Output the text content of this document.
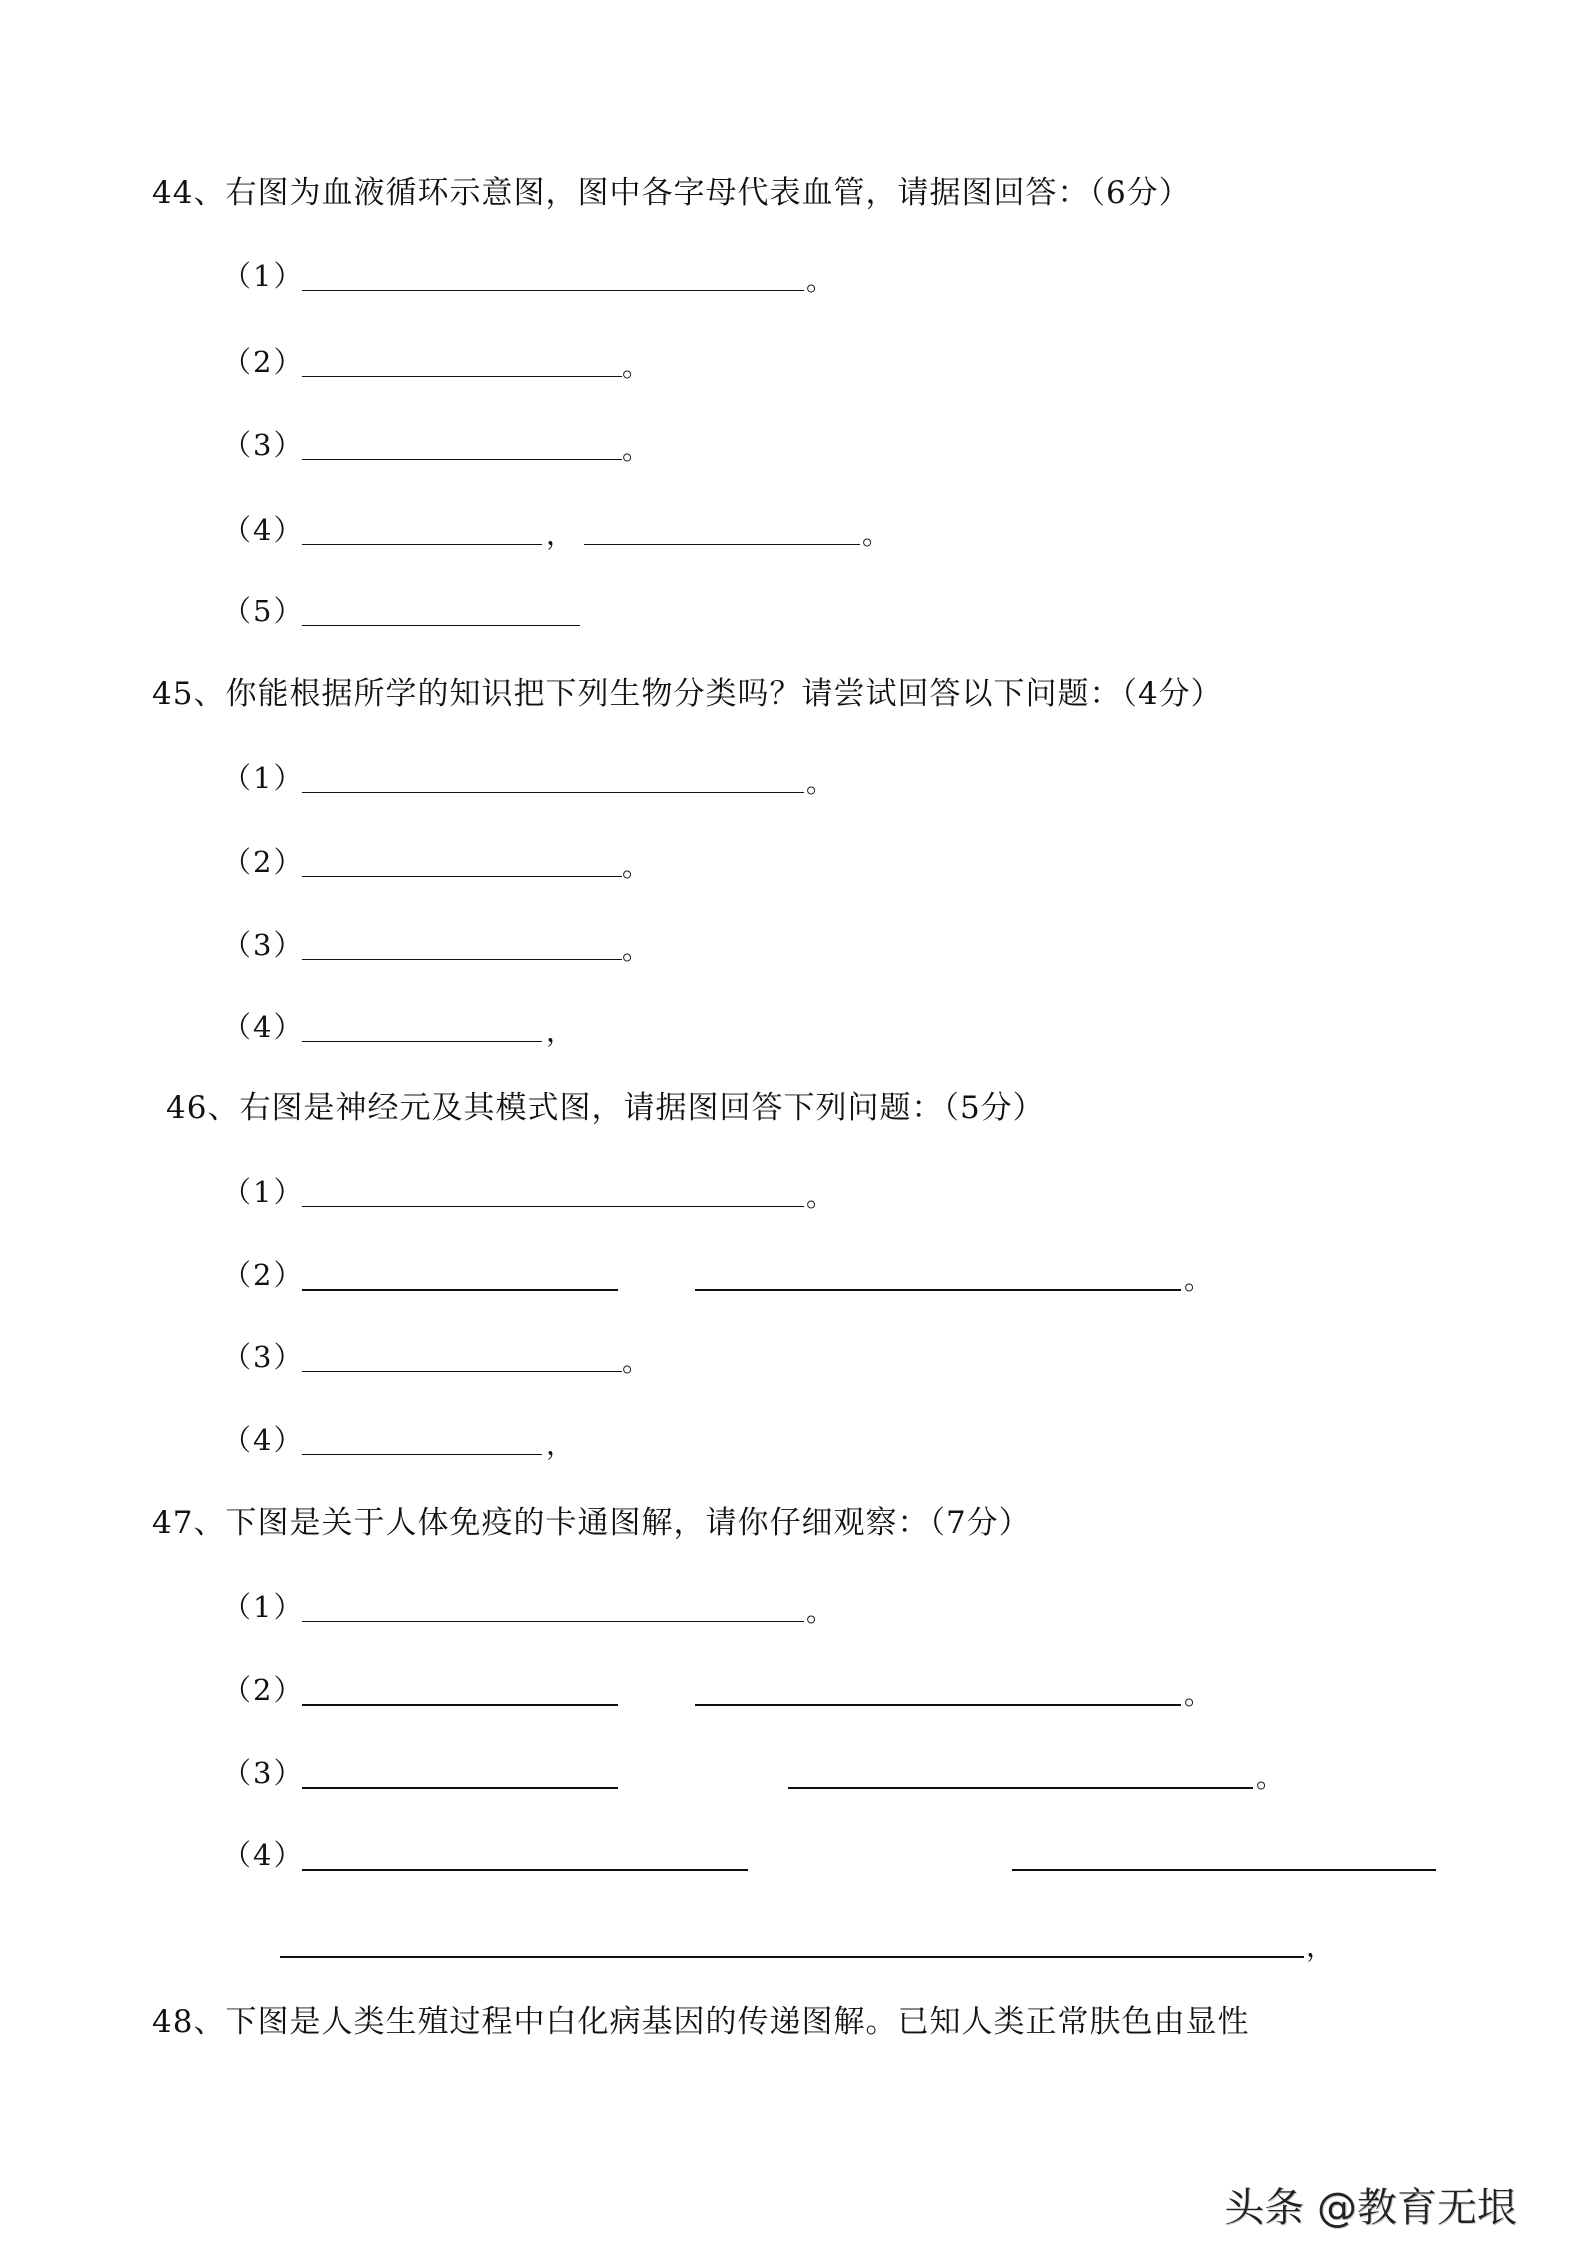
44、右图为血液循环示意图，图中各字母代表血管，请据图回答：（6分）
（1）	。
（2）	。
（3）	。
（4）	，	。
（5）
45、你能根据所学的知识把下列生物分类吗？请尝试回答以下问题：（4分）
（1）	。
（2）	。
（3）	。
（4）	，
46、右图是神经元及其模式图，请据图回答下列问题：（5分）
（1）	。
（2）	。
（3）	。
（4）	，
47、下图是关于人体免疫的卡通图解，请你仔细观察：（7分）
（1）	。
（2）	。
（3）	。
（4）
，
48、下图是人类生殖过程中白化病基因的传递图解。已知人类正常肤色由显性
头条 @教育无垠
